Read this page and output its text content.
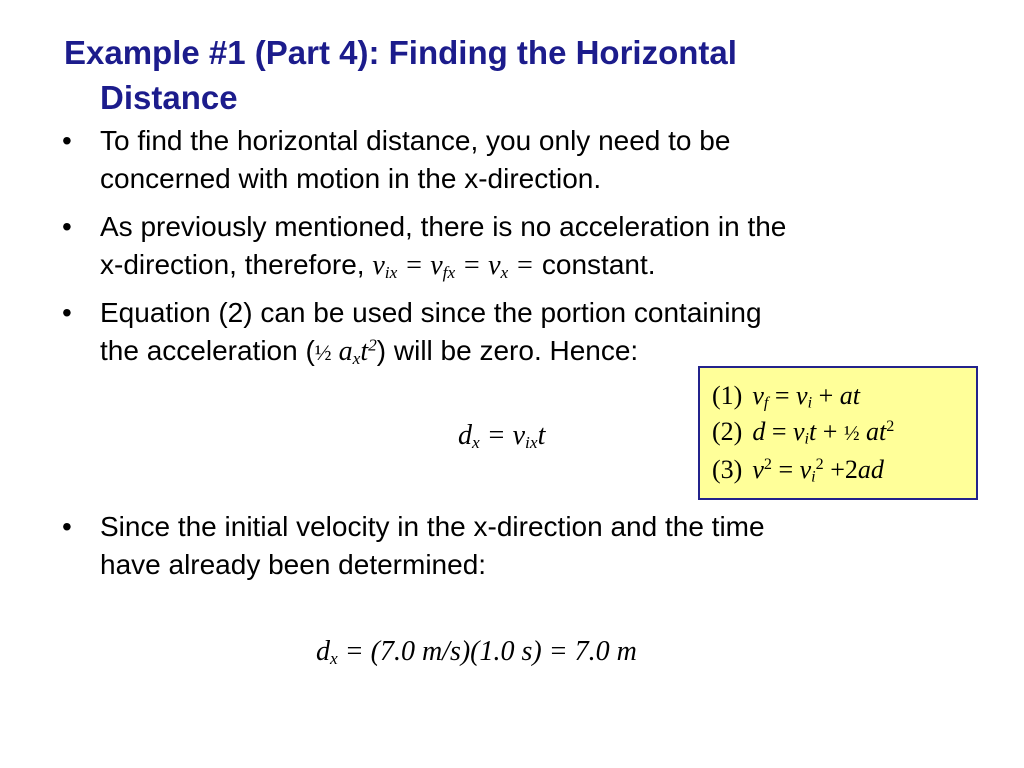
Example #1 (Part 4): Finding the Horizontal
Distance
•	To find the horizontal distance, you only need to be
concerned with motion in the x-direction.
•	As previously mentioned, there is no acceleration in the
x-direction, therefore, $v_{ix} = v_{fx} = v_x$ = constant.
•	Equation (2) can be used since the portion containing
the acceleration (½ $a_xt^2$) will be zero. Hence:
•	Since the initial velocity in the x-direction and the time
have already been determined:
(1) $v_f = v_i$ + at
(2) $d = v_it$ + ½ $at^2$
(3) $v^2 = v_i^2 +2ad$
$d_x = v_{ix}t$
$d_x = (7.0$ m/s)(1.0 s) = 7.0 m
